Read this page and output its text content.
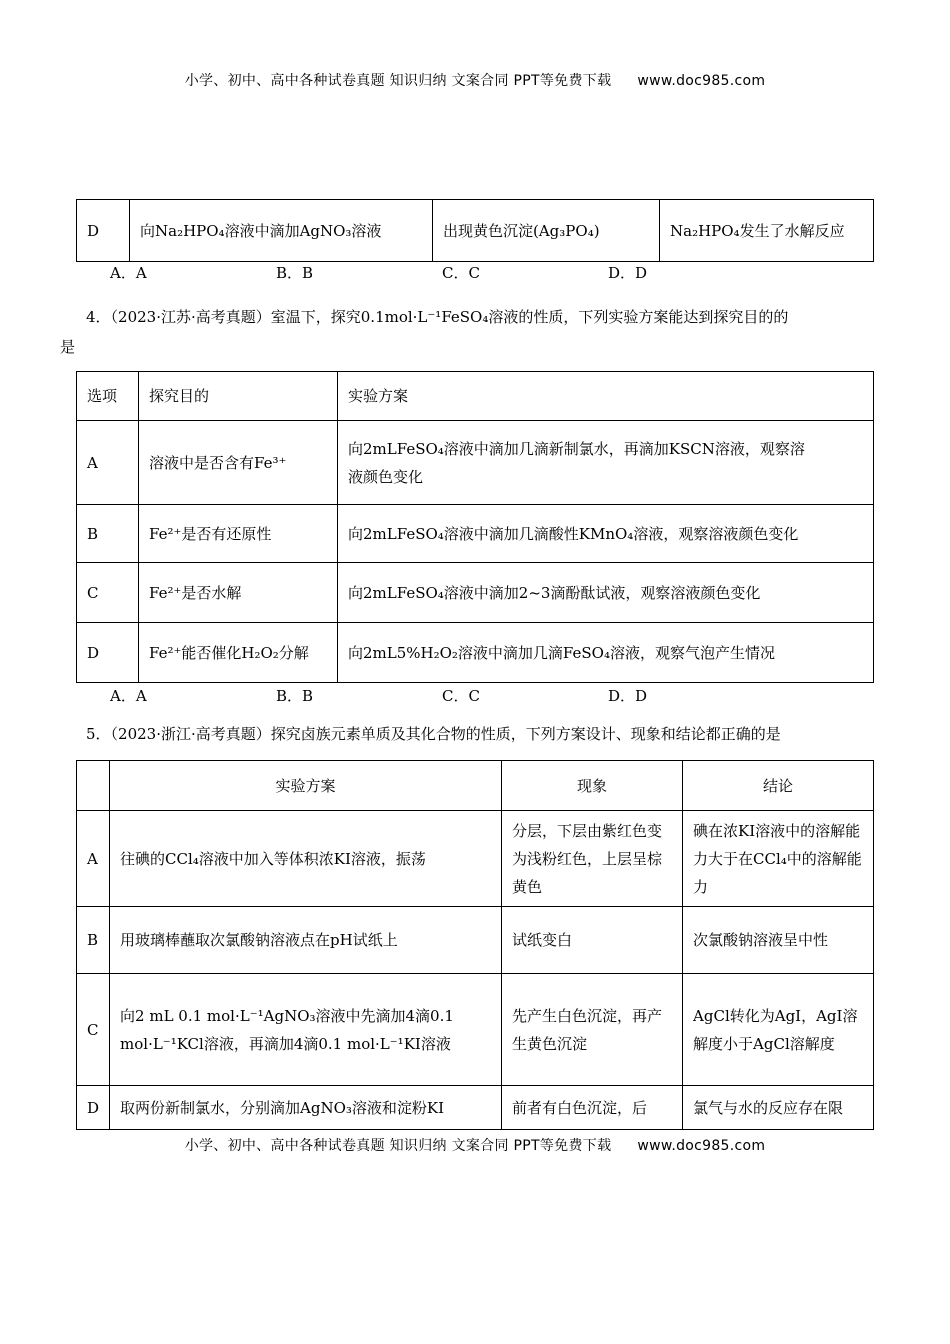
小学、初中、高中各种试卷真题 知识归纳 文案合同 PPT等免费下载 www.doc985.com
D	向Na₂HPO₄溶液中滴加AgNO₃溶液	出现黄色沉淀(Ag₃PO₄)	Na₂HPO₄发生了水解反应
A．A	B．B	C．C	D．D
4．（2023·江苏·高考真题）室温下，探究0.1mol·L⁻¹FeSO₄溶液的性质，下列实验方案能达到探究目的的
是
选项	探究目的	实验方案
A	溶液中是否含有Fe³⁺	向2mLFeSO₄溶液中滴加几滴新制氯水，再滴加KSCN溶液，观察溶
液颜色变化

B	Fe²⁺是否有还原性	向2mLFeSO₄溶液中滴加几滴酸性KMnO₄溶液，观察溶液颜色变化
C	Fe²⁺是否水解	向2mLFeSO₄溶液中滴加2~3滴酚酞试液，观察溶液颜色变化
D	Fe²⁺能否催化H₂O₂分解	向2mL5%H₂O₂溶液中滴加几滴FeSO₄溶液，观察气泡产生情况
A．A	B．B	C．C	D．D
5．（2023·浙江·高考真题）探究卤族元素单质及其化合物的性质，下列方案设计、现象和结论都正确的是
	实验方案	现象	结论
A	往碘的CCl₄溶液中加入等体积浓KI溶液，振荡	分层，下层由紫红色变为浅粉红色，上层呈棕黄色	碘在浓KI溶液中的溶解能力大于在CCl₄中的溶解能力
B	用玻璃棒蘸取次氯酸钠溶液点在pH试纸上	试纸变白	次氯酸钠溶液呈中性
C	向2 mL 0.1 mol·L⁻¹AgNO₃溶液中先滴加4滴0.1 mol·L⁻¹KCl溶液，再滴加4滴0.1 mol·L⁻¹KI溶液	先产生白色沉淀，再产生黄色沉淀	AgCl转化为AgI，AgI溶解度小于AgCl溶解度
D	取两份新制氯水，分别滴加AgNO₃溶液和淀粉KI	前者有白色沉淀，后	氯气与水的反应存在限
小学、初中、高中各种试卷真题 知识归纳 文案合同 PPT等免费下载 www.doc985.com
